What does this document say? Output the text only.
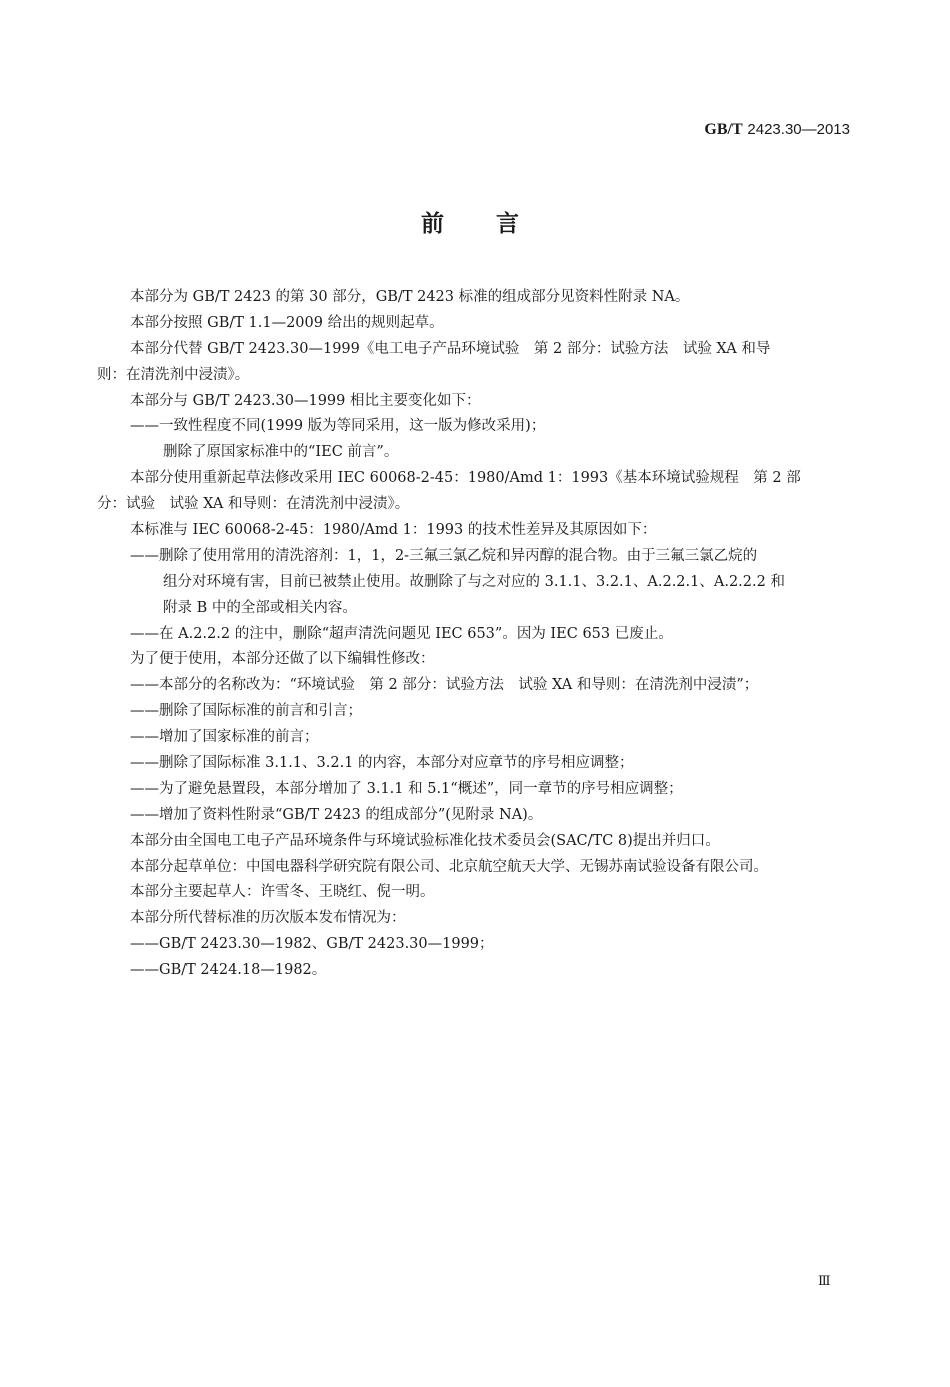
GB/T 2423.30—2013
前言
本部分为 GB/T 2423 的第 30 部分，GB/T 2423 标准的组成部分见资料性附录 NA。
本部分按照 GB/T 1.1—2009 给出的规则起草。
本部分代替 GB/T 2423.30—1999《电工电子产品环境试验　第 2 部分：试验方法　试验 XA 和导
则：在清洗剂中浸渍》。
本部分与 GB/T 2423.30—1999 相比主要变化如下：
——一致性程度不同(1999 版为等同采用，这一版为修改采用)；
删除了原国家标准中的“IEC 前言”。
本部分使用重新起草法修改采用 IEC 60068-2-45：1980/Amd 1：1993《基本环境试验规程　第 2 部
分：试验　试验 XA 和导则：在清洗剂中浸渍》。
本标准与 IEC 60068-2-45：1980/Amd 1：1993 的技术性差异及其原因如下：
——删除了使用常用的清洗溶剂：1，1，2-三氟三氯乙烷和异丙醇的混合物。由于三氟三氯乙烷的
组分对环境有害，目前已被禁止使用。故删除了与之对应的 3.1.1、3.2.1、A.2.2.1、A.2.2.2 和
附录 B 中的全部或相关内容。
——在 A.2.2.2 的注中，删除“超声清洗问题见 IEC 653”。因为 IEC 653 已废止。
为了便于使用，本部分还做了以下编辑性修改：
——本部分的名称改为：“环境试验　第 2 部分：试验方法　试验 XA 和导则：在清洗剂中浸渍”；
——删除了国际标准的前言和引言；
——增加了国家标准的前言；
——删除了国际标准 3.1.1、3.2.1 的内容，本部分对应章节的序号相应调整；
——为了避免悬置段，本部分增加了 3.1.1 和 5.1“概述”，同一章节的序号相应调整；
——增加了资料性附录“GB/T 2423 的组成部分”(见附录 NA)。
本部分由全国电工电子产品环境条件与环境试验标准化技术委员会(SAC/TC 8)提出并归口。
本部分起草单位：中国电器科学研究院有限公司、北京航空航天大学、无锡苏南试验设备有限公司。
本部分主要起草人：许雪冬、王晓红、倪一明。
本部分所代替标准的历次版本发布情况为：
——GB/T 2423.30—1982、GB/T 2423.30—1999；
——GB/T 2424.18—1982。
Ⅲ
